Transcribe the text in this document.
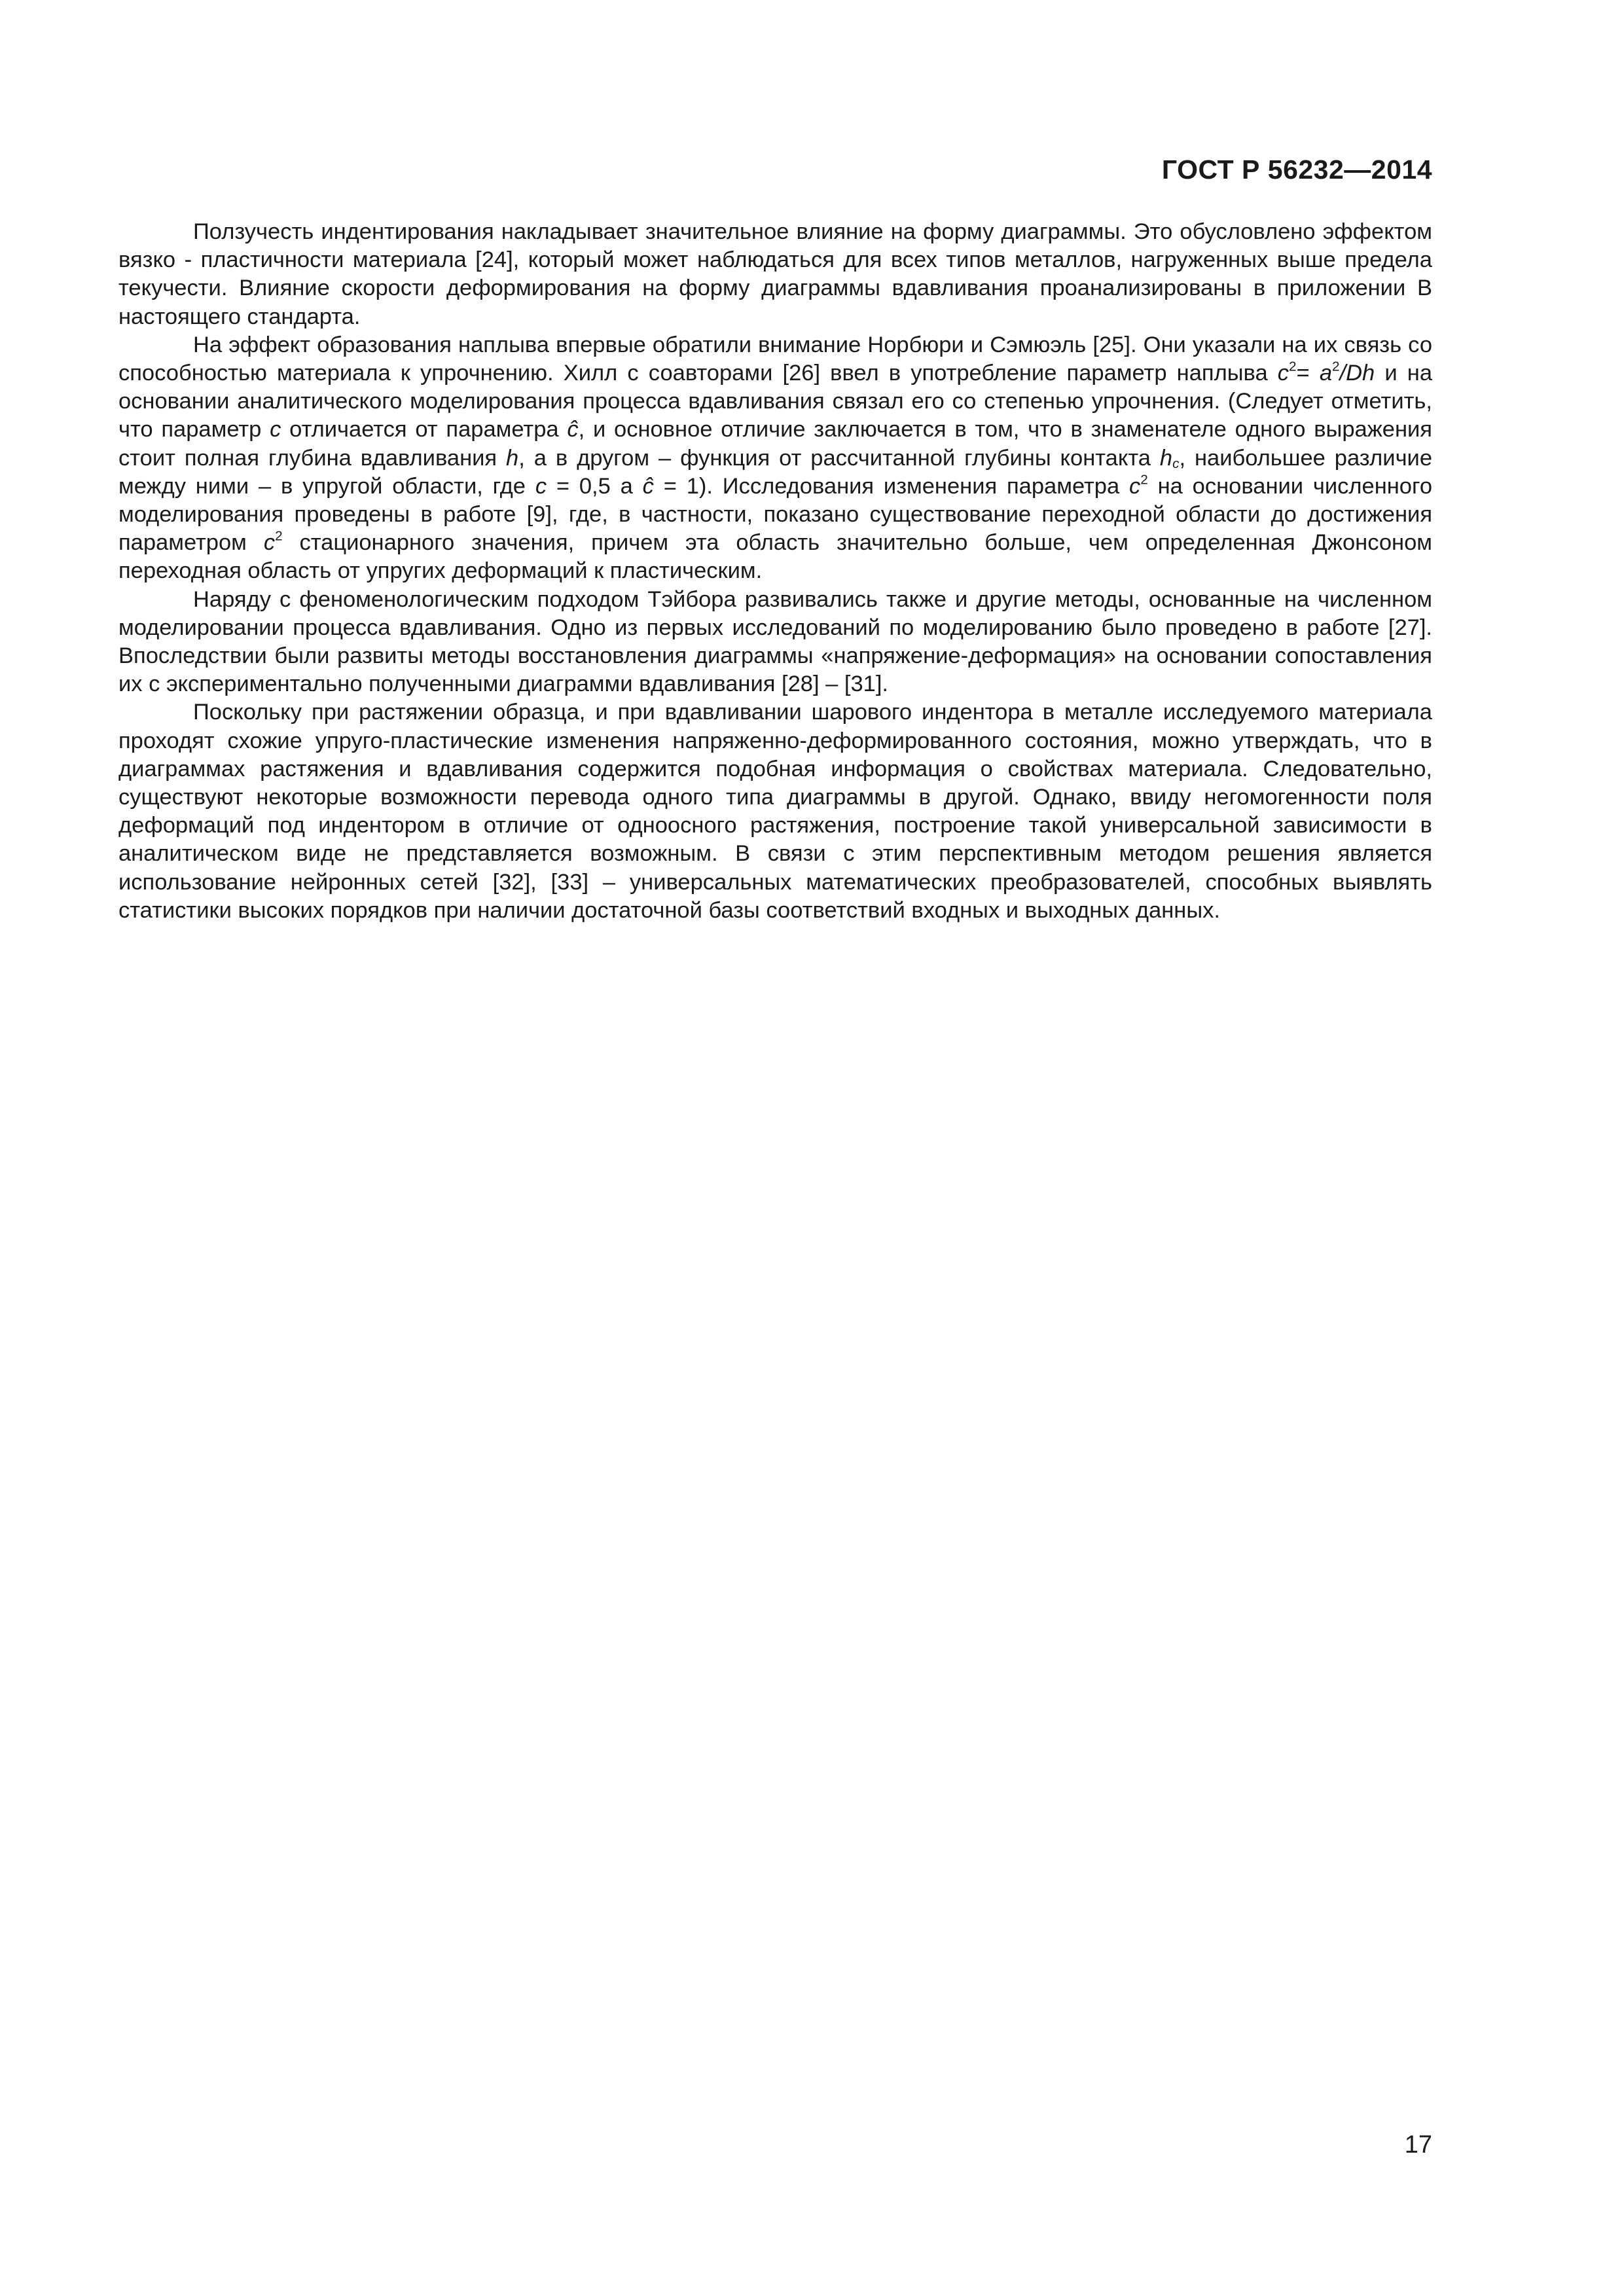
ГОСТ Р 56232—2014

Ползучесть индентирования накладывает значительное влияние на форму диаграммы. Это обусловлено эффектом вязко - пластичности материала [24], который может наблюдаться для всех типов металлов, нагруженных выше предела текучести. Влияние скорости деформирования на форму диаграммы вдавливания проанализированы в приложении В настоящего стандарта.

На эффект образования наплыва впервые обратили внимание Норбюри и Сэмюэль [25]. Они указали на их связь со способностью материала к упрочнению. Хилл с соавторами [26] ввел в употребление параметр наплыва $c^2= a^2/Dh$ и на основании аналитического моделирования процесса вдавливания связал его со степенью упрочнения. (Следует отметить, что параметр c отличается от параметра ĉ, и основное отличие заключается в том, что в знаменателе одного выражения стоит полная глубина вдавливания h, а в другом – функция от рассчитанной глубины контакта $h_c$, наибольшее различие между ними – в упругой области, где c = 0,5 а ĉ = 1). Исследования изменения параметра $c^2$ на основании численного моделирования проведены в работе [9], где, в частности, показано существование переходной области до достижения параметром $c^2$ стационарного значения, причем эта область значительно больше, чем определенная Джонсоном переходная область от упругих деформаций к пластическим.

Наряду с феноменологическим подходом Тэйбора развивались также и другие методы, основанные на численном моделировании процесса вдавливания. Одно из первых исследований по моделированию было проведено в работе [27]. Впоследствии были развиты методы восстановления диаграммы «напряжение-деформация» на основании сопоставления их с экспериментально полученными диаграмми вдавливания [28] – [31].

Поскольку при растяжении образца, и при вдавливании шарового индентора в металле исследуемого материала проходят схожие упруго-пластические изменения напряженно-деформированного состояния, можно утверждать, что в диаграммах растяжения и вдавливания содержится подобная информация о свойствах материала. Следовательно, существуют некоторые возможности перевода одного типа диаграммы в другой. Однако, ввиду негомогенности поля деформаций под индентором в отличие от одноосного растяжения, построение такой универсальной зависимости в аналитическом виде не представляется возможным. В связи с этим перспективным методом решения является использование нейронных сетей [32], [33] – универсальных математических преобразователей, способных выявлять статистики высоких порядков при наличии достаточной базы соответствий входных и выходных данных.

17
